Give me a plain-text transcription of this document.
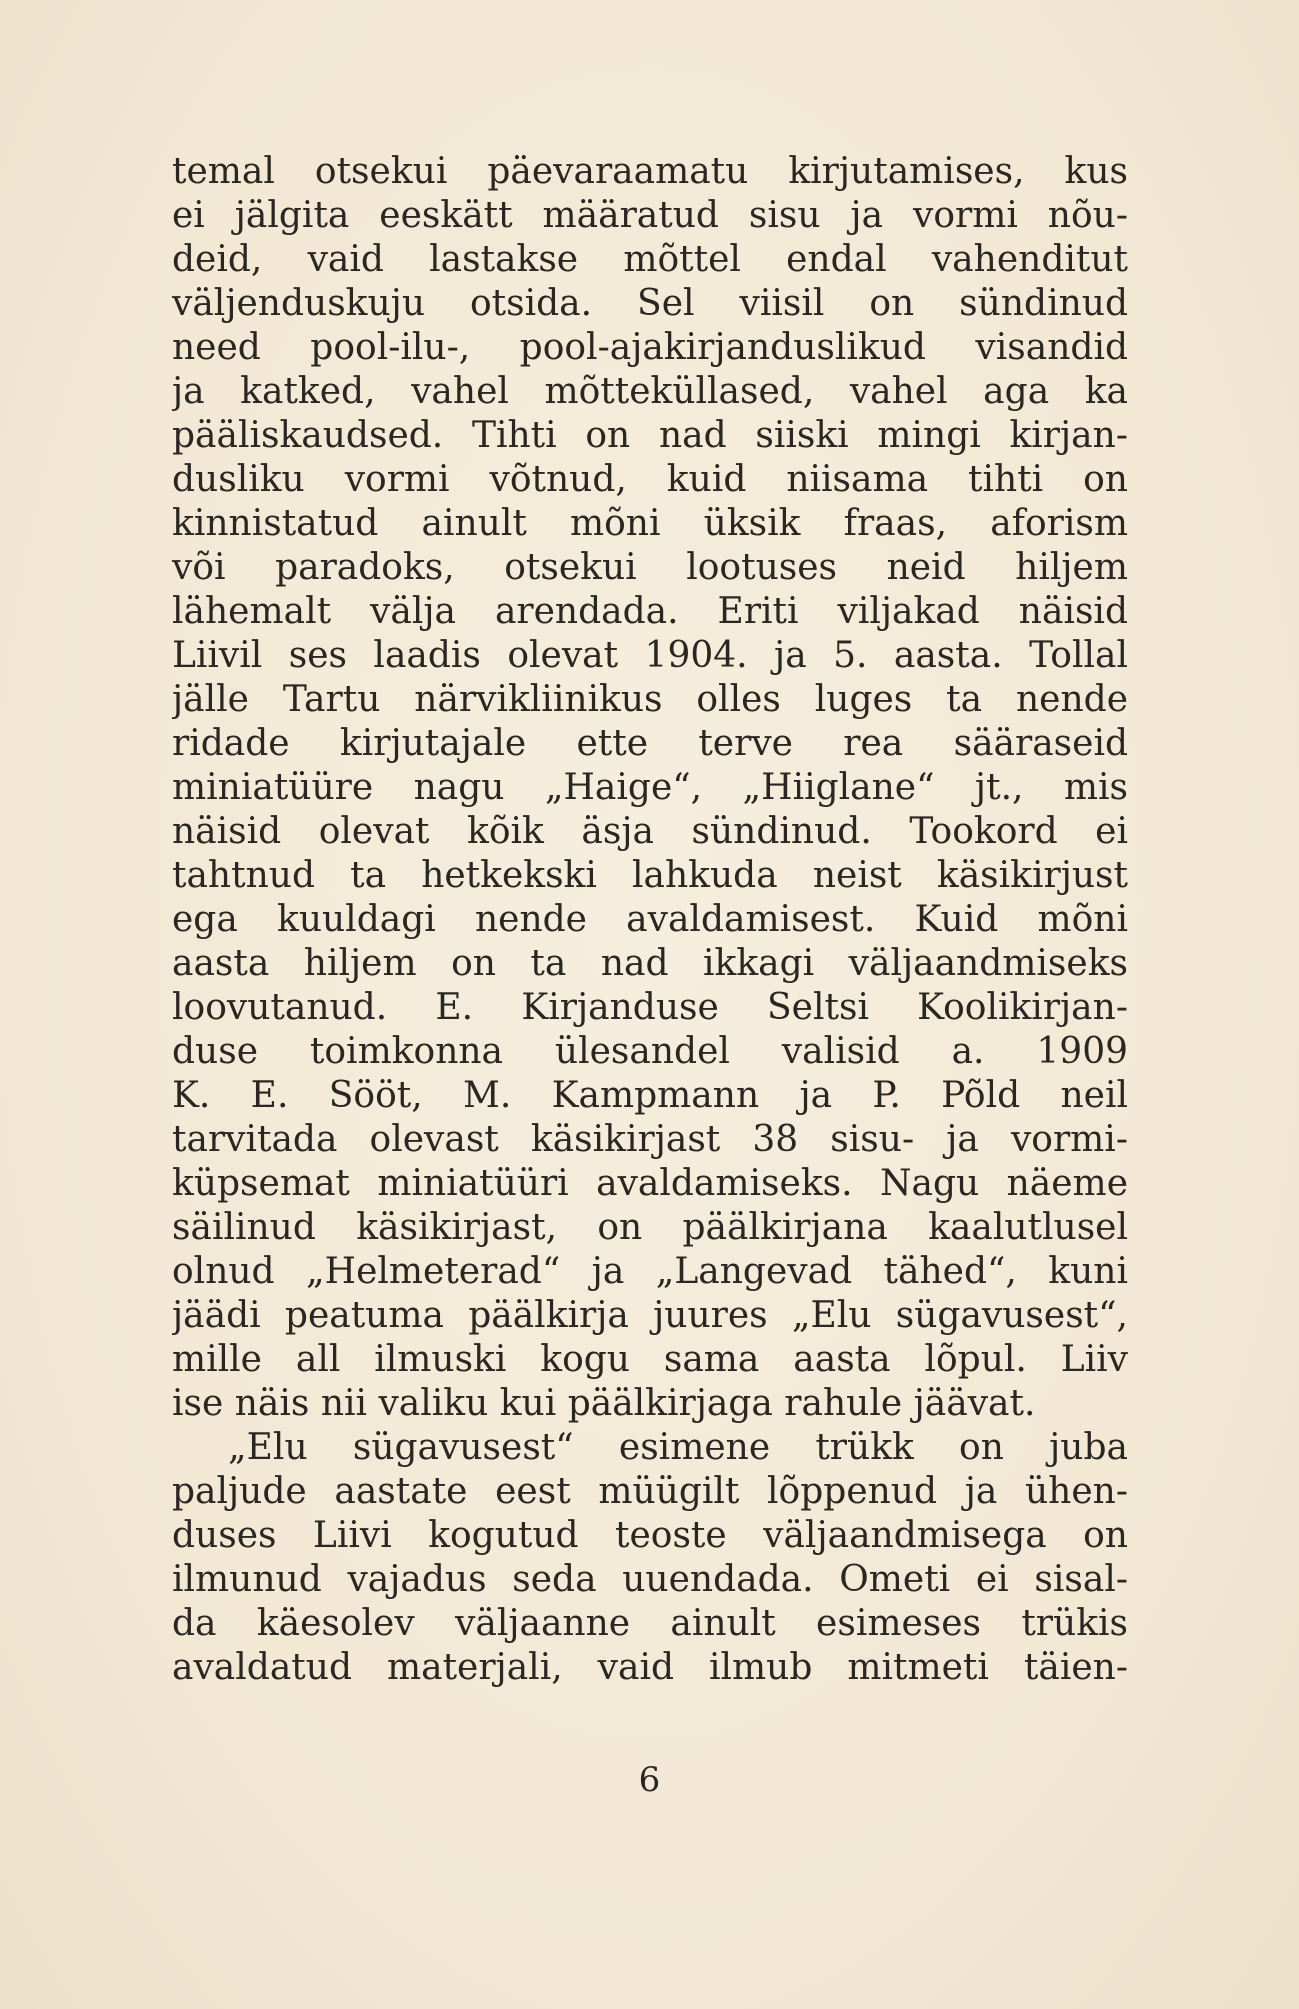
temal otsekui päevaraamatu kirjutamises, kus
ei jälgita eeskätt määratud sisu ja vormi nõu-
deid, vaid lastakse mõttel endal vahenditut
väljenduskuju otsida. Sel viisil on sündinud
need pool-ilu-, pool-ajakirjanduslikud visandid
ja katked, vahel mõtteküllased, vahel aga ka
pääliskaudsed. Tihti on nad siiski mingi kirjan-
dusliku vormi võtnud, kuid niisama tihti on
kinnistatud ainult mõni üksik fraas, aforism
või paradoks, otsekui lootuses neid hiljem
lähemalt välja arendada. Eriti viljakad näisid
Liivil ses laadis olevat 1904. ja 5. aasta. Tollal
jälle Tartu närvikliinikus olles luges ta nende
ridade kirjutajale ette terve rea sääraseid
miniatüüre nagu „Haige“, „Hiiglane“ jt., mis
näisid olevat kõik äsja sündinud. Tookord ei
tahtnud ta hetkekski lahkuda neist käsikirjust
ega kuuldagi nende avaldamisest. Kuid mõni
aasta hiljem on ta nad ikkagi väljaandmiseks
loovutanud. E. Kirjanduse Seltsi Koolikirjan-
duse toimkonna ülesandel valisid a. 1909
K. E. Sööt, M. Kampmann ja P. Põld neil
tarvitada olevast käsikirjast 38 sisu- ja vormi-
küpsemat miniatüüri avaldamiseks. Nagu näeme
säilinud käsikirjast, on päälkirjana kaalutlusel
olnud „Helmeterad“ ja „Langevad tähed“, kuni
jäädi peatuma päälkirja juures „Elu sügavusest“,
mille all ilmuski kogu sama aasta lõpul. Liiv
ise näis nii valiku kui päälkirjaga rahule jäävat.
„Elu sügavusest“ esimene trükk on juba
paljude aastate eest müügilt lõppenud ja ühen-
duses Liivi kogutud teoste väljaandmisega on
ilmunud vajadus seda uuendada. Ometi ei sisal-
da käesolev väljaanne ainult esimeses trükis
avaldatud materjali, vaid ilmub mitmeti täien-
6
